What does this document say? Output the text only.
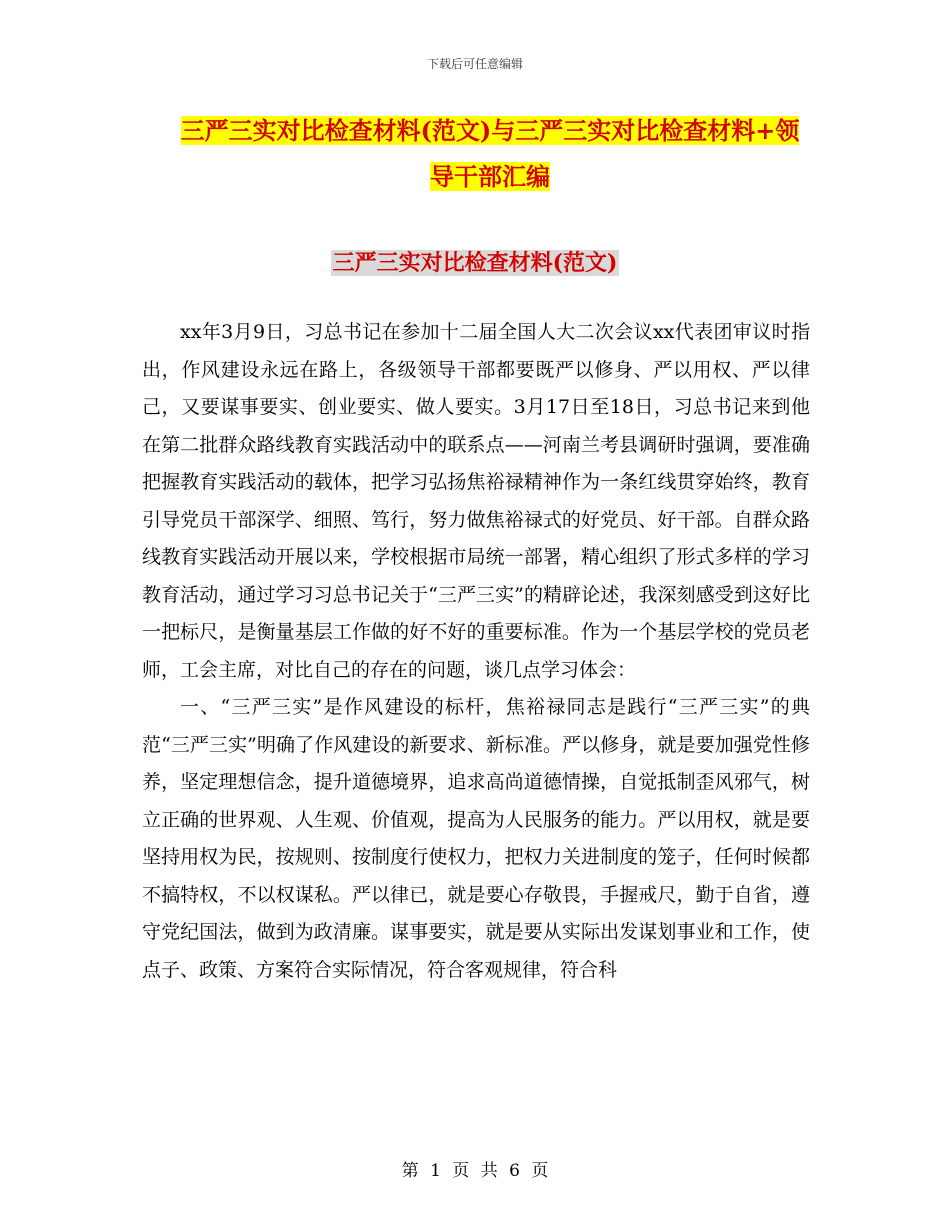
下载后可任意编辑
三严三实对比检查材料(范文)与三严三实对比检查材料+领导干部汇编
三严三实对比检查材料(范文)

xx年3月9日，习总书记在参加十二届全国人大二次会议xx代表团审议时指出，作风建设永远在路上，各级领导干部都要既严以修身、严以用权、严以律己，又要谋事要实、创业要实、做人要实。3月17日至18日，习总书记来到他在第二批群众路线教育实践活动中的联系点——河南兰考县调研时强调，要准确把握教育实践活动的载体，把学习弘扬焦裕禄精神作为一条红线贯穿始终，教育引导党员干部深学、细照、笃行，努力做焦裕禄式的好党员、好干部。自群众路线教育实践活动开展以来，学校根据市局统一部署，精心组织了形式多样的学习教育活动，通过学习习总书记关于“三严三实”的精辟论述，我深刻感受到这好比一把标尺，是衡量基层工作做的好不好的重要标准。作为一个基层学校的党员老师，工会主席，对比自己的存在的问题，谈几点学习体会：

一、“三严三实”是作风建设的标杆，焦裕禄同志是践行“三严三实”的典范“三严三实”明确了作风建设的新要求、新标准。严以修身，就是要加强党性修养，坚定理想信念，提升道德境界，追求高尚道德情操，自觉抵制歪风邪气，树立正确的世界观、人生观、价值观，提高为人民服务的能力。严以用权，就是要坚持用权为民，按规则、按制度行使权力，把权力关进制度的笼子，任何时候都不搞特权，不以权谋私。严以律已，就是要心存敬畏，手握戒尺，勤于自省，遵守党纪国法，做到为政清廉。谋事要实，就是要从实际出发谋划事业和工作，使点子、政策、方案符合实际情况，符合客观规律，符合科

第 1 页 共 6 页
